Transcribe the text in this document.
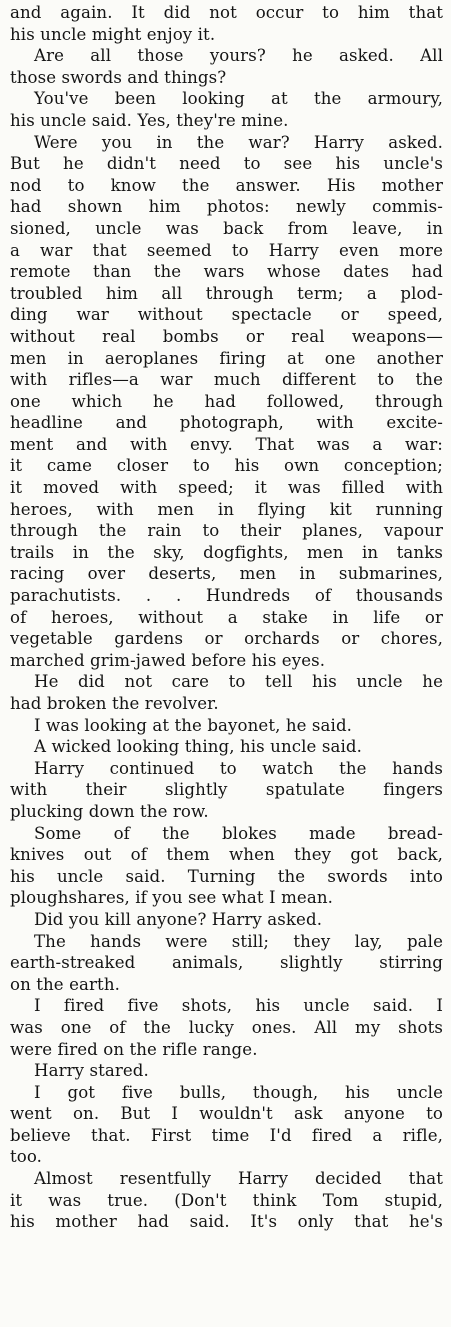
and again. It did not occur to him that
his uncle might enjoy it.
Are all those yours? he asked. All
those swords and things?
You've been looking at the armoury,
his uncle said. Yes, they're mine.
Were you in the war? Harry asked.
But he didn't need to see his uncle's
nod to know the answer. His mother
had shown him photos: newly commis-
sioned, uncle was back from leave, in
a war that seemed to Harry even more
remote than the wars whose dates had
troubled him all through term; a plod-
ding war without spectacle or speed,
without real bombs or real weapons—
men in aeroplanes firing at one another
with rifles—a war much different to the
one which he had followed, through
headline and photograph, with excite-
ment and with envy. That was a war:
it came closer to his own conception;
it moved with speed; it was filled with
heroes, with men in flying kit running
through the rain to their planes, vapour
trails in the sky, dogfights, men in tanks
racing over deserts, men in submarines,
parachutists. . . Hundreds of thousands
of heroes, without a stake in life or
vegetable gardens or orchards or chores,
marched grim-jawed before his eyes.
He did not care to tell his uncle he
had broken the revolver.
I was looking at the bayonet, he said.
A wicked looking thing, his uncle said.
Harry continued to watch the hands
with their slightly spatulate fingers
plucking down the row.
Some of the blokes made bread-
knives out of them when they got back,
his uncle said. Turning the swords into
ploughshares, if you see what I mean.
Did you kill anyone? Harry asked.
The hands were still; they lay, pale
earth-streaked animals, slightly stirring
on the earth.
I fired five shots, his uncle said. I
was one of the lucky ones. All my shots
were fired on the rifle range.
Harry stared.
I got five bulls, though, his uncle
went on. But I wouldn't ask anyone to
believe that. First time I'd fired a rifle,
too.
Almost resentfully Harry decided that
it was true. (Don't think Tom stupid,
his mother had said. It's only that he's
